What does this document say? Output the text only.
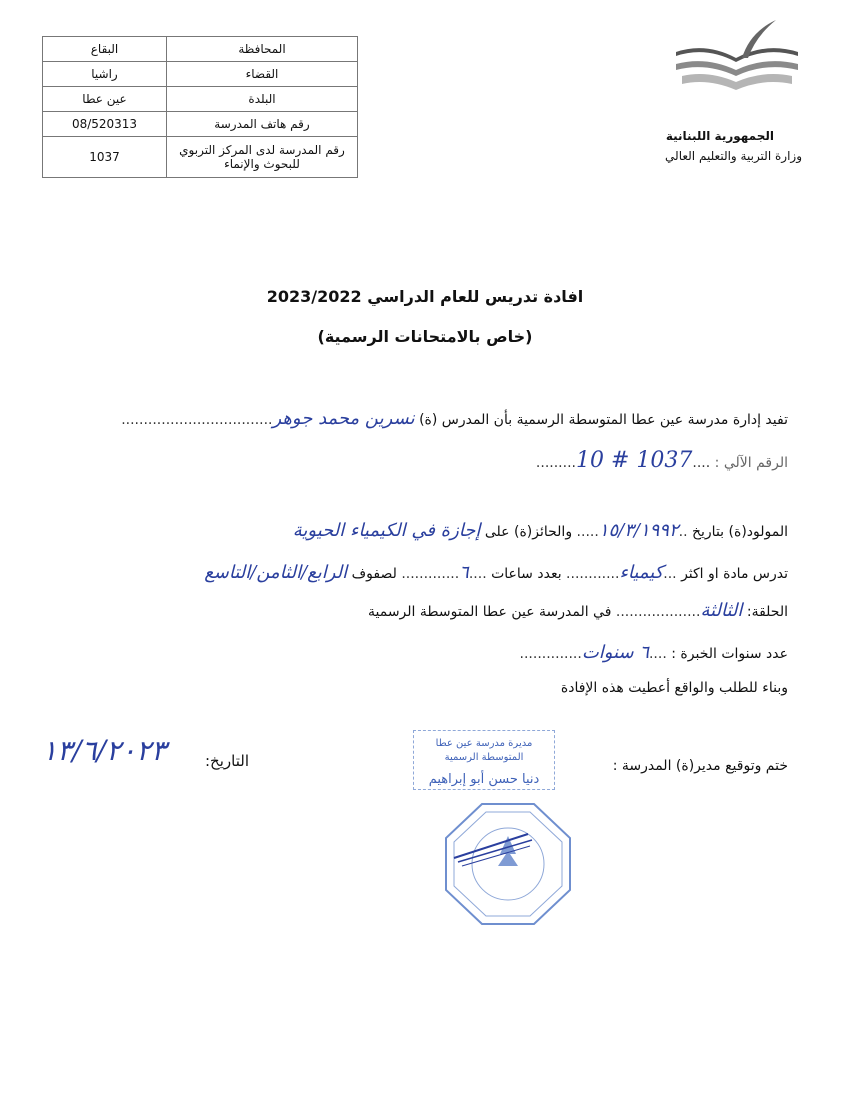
المحافظة	البقاع
القضاء	راشيا
البلدة	عين عطا
رقم هاتف المدرسة	08/520313
رقم المدرسة لدى المركز التربوي للبحوث والإنماء	1037
الجمهورية اللبنانية
وزارة التربية والتعليم العالي
افادة تدريس للعام الدراسي 2023/2022
(خاص بالامتحانات الرسمية)
تفيد إدارة مدرسة عين عطا المتوسطة الرسمية بأن المدرس (ة) نسرين محمد جوهر..................................
الرقم الآلي : ....1037 # 10.........
المولود(ة) بتاريخ ..١٥/٣/١٩٩٢..... والحائز(ة) على إجازة في الكيمياء الحيوية
تدرس مادة او اكثر ...كيمياء............ بعدد ساعات ....٦............. لصفوف الرابع/الثامن/التاسع
الحلقة: الثالثة................... في المدرسة عين عطا المتوسطة الرسمية
عدد سنوات الخبرة : ....٦ سنوات..............
وبناء للطلب والواقع أعطيت هذه الإفادة
ختم وتوقيع مدير(ة) المدرسة :
مديرة مدرسة عين عطا المتوسطة الرسمية
دنيا حسن أبو إبراهيم
التاريخ:
١٣/٦/٢٠٢٣
